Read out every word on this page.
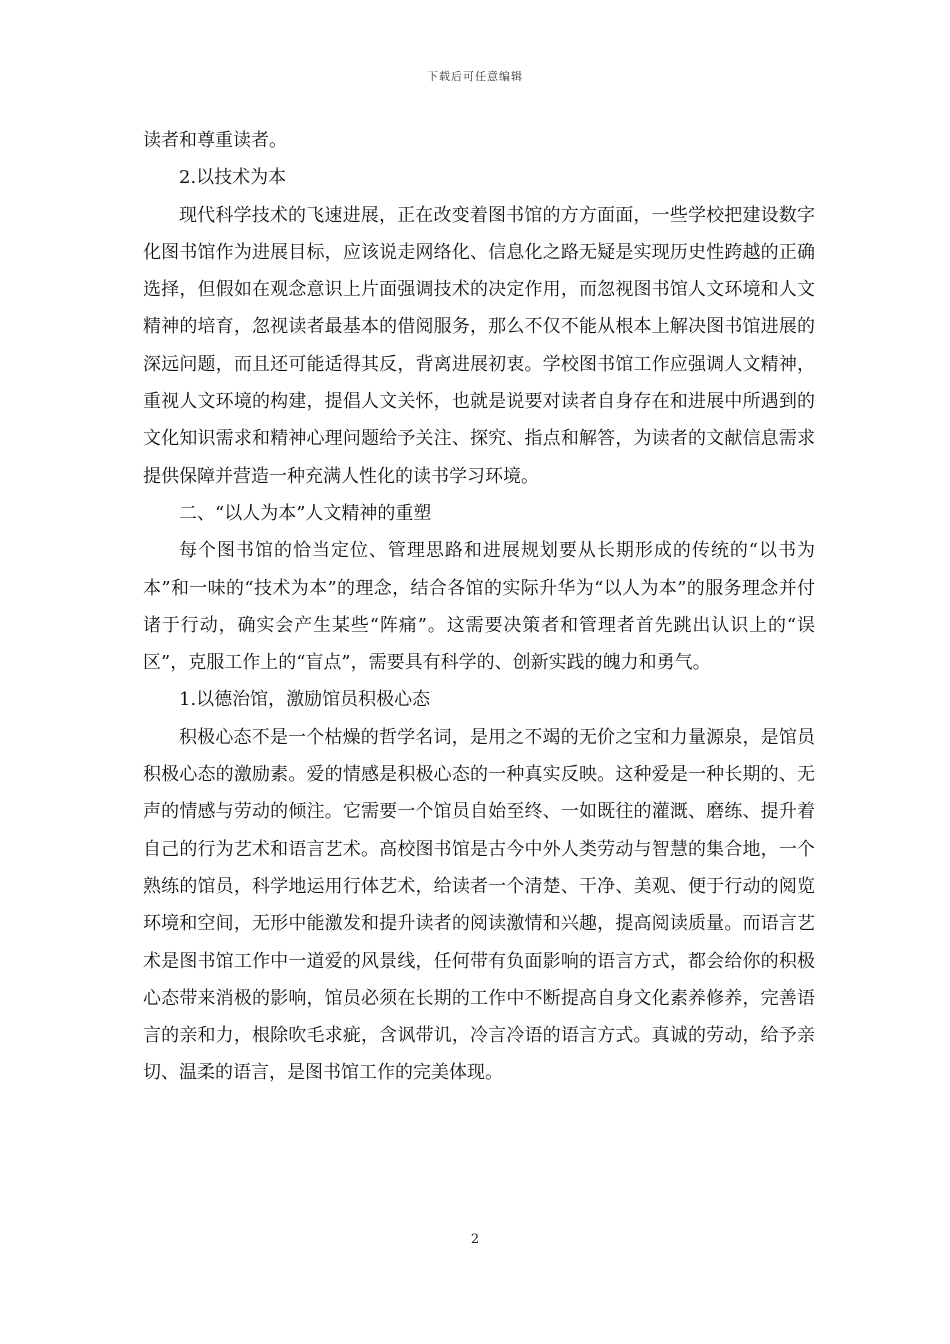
下载后可任意编辑

读者和尊重读者。

2.以技术为本

现代科学技术的飞速进展，正在改变着图书馆的方方面面，一些学校把建设数字化图书馆作为进展目标，应该说走网络化、信息化之路无疑是实现历史性跨越的正确选择，但假如在观念意识上片面强调技术的决定作用，而忽视图书馆人文环境和人文精神的培育，忽视读者最基本的借阅服务，那么不仅不能从根本上解决图书馆进展的深远问题，而且还可能适得其反，背离进展初衷。学校图书馆工作应强调人文精神，重视人文环境的构建，提倡人文关怀，也就是说要对读者自身存在和进展中所遇到的文化知识需求和精神心理问题给予关注、探究、指点和解答，为读者的文献信息需求提供保障并营造一种充满人性化的读书学习环境。

二、“以人为本”人文精神的重塑

每个图书馆的恰当定位、管理思路和进展规划要从长期形成的传统的“以书为本”和一味的“技术为本”的理念，结合各馆的实际升华为“以人为本”的服务理念并付诸于行动，确实会产生某些“阵痛”。这需要决策者和管理者首先跳出认识上的“误区”，克服工作上的“盲点”，需要具有科学的、创新实践的魄力和勇气。

1.以德治馆，激励馆员积极心态

积极心态不是一个枯燥的哲学名词，是用之不竭的无价之宝和力量源泉，是馆员积极心态的激励素。爱的情感是积极心态的一种真实反映。这种爱是一种长期的、无声的情感与劳动的倾注。它需要一个馆员自始至终、一如既往的灌溉、磨练、提升着自己的行为艺术和语言艺术。高校图书馆是古今中外人类劳动与智慧的集合地，一个熟练的馆员，科学地运用行体艺术，给读者一个清楚、干净、美观、便于行动的阅览环境和空间，无形中能激发和提升读者的阅读激情和兴趣，提高阅读质量。而语言艺术是图书馆工作中一道爱的风景线，任何带有负面影响的语言方式，都会给你的积极心态带来消极的影响，馆员必须在长期的工作中不断提高自身文化素养修养，完善语言的亲和力，根除吹毛求疵，含讽带讥，冷言冷语的语言方式。真诚的劳动，给予亲切、温柔的语言，是图书馆工作的完美体现。

2
